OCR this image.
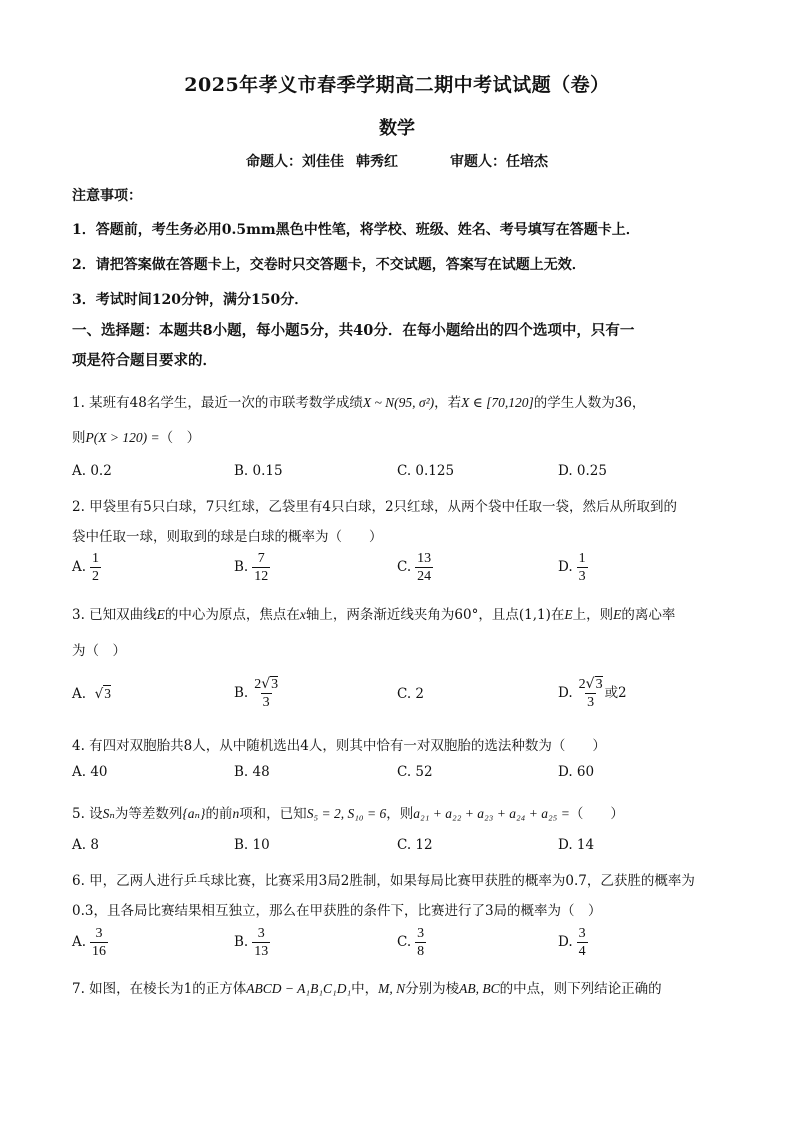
2025年孝义市春季学期高二期中考试试题（卷）
数学
命题人：刘佳佳 韩秀红	审题人：任培杰
注意事项：
1．答题前，考生务必用0.5mm黑色中性笔，将学校、班级、姓名、考号填写在答题卡上．
2．请把答案做在答题卡上，交卷时只交答题卡，不交试题，答案写在试题上无效．
3．考试时间120分钟，满分150分．
一、选择题：本题共8小题，每小题5分，共40分．在每小题给出的四个选项中，只有一
项是符合题目要求的．
1. 某班有48名学生，最近一次的市联考数学成绩X ~ N(95, σ²)，若X ∈ [70,120]的学生人数为36，
则P(X > 120) =（　）
A. 0.2	B. 0.15	C. 0.125	D. 0.25
2. 甲袋里有5只白球，7只红球，乙袋里有4只白球，2只红球，从两个袋中任取一袋，然后从所取到的
袋中任取一球，则取到的球是白球的概率为（　　）
A. $\frac{1}{2}$	B. $\frac{7}{12}$	C. $\frac{13}{24}$	D. $\frac{1}{3}$
3. 已知双曲线E的中心为原点，焦点在x轴上，两条渐近线夹角为60°，且点(1,1)在E上，则E的离心率
为（　）
A. √3	B. $\frac{2√3}{3}$	C. 2	D. $\frac{2√3}{3}$ 或2
4. 有四对双胞胎共8人，从中随机选出4人，则其中恰有一对双胞胎的选法种数为（　　）
A. 40	B. 48	C. 52	D. 60
5. 设Sₙ为等差数列{aₙ}的前n项和，已知S₅ = 2, S₁₀ = 6，则a₂₁ + a₂₂ + a₂₃ + a₂₄ + a₂₅ =（　　）
A. 8	B. 10	C. 12	D. 14
6. 甲，乙两人进行乒乓球比赛，比赛采用3局2胜制，如果每局比赛甲获胜的概率为0.7，乙获胜的概率为
0.3，且各局比赛结果相互独立，那么在甲获胜的条件下，比赛进行了3局的概率为（　）
A. $\frac{3}{16}$	B. $\frac{3}{13}$	C. $\frac{3}{8}$	D. $\frac{3}{4}$
7. 如图，在棱长为1的正方体ABCD − A₁B₁C₁D₁中，M, N分别为棱AB, BC的中点，则下列结论正确的
